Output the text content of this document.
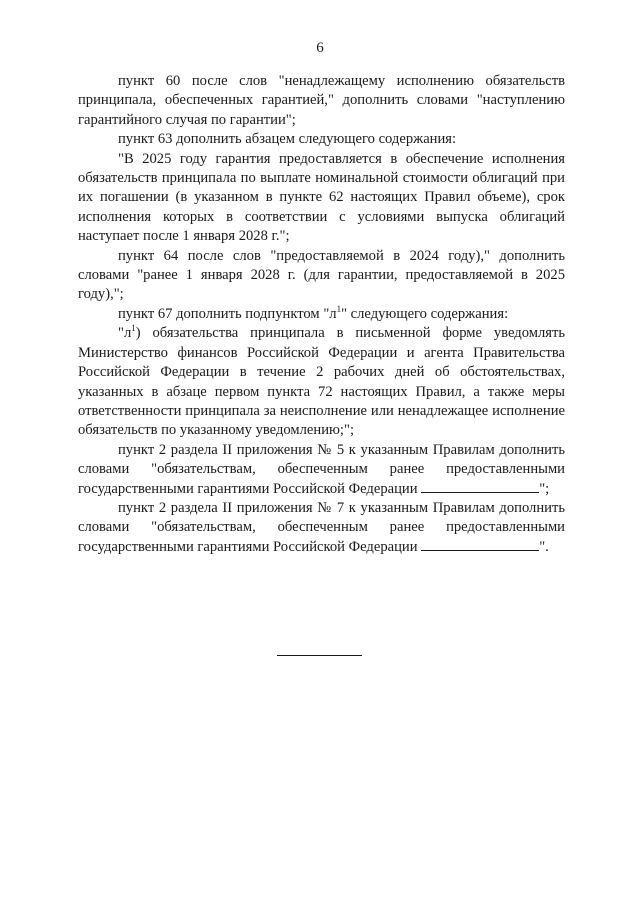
6

пункт 60 после слов "ненадлежащему исполнению обязательств принципала, обеспеченных гарантией," дополнить словами "наступлению гарантийного случая по гарантии";

пункт 63 дополнить абзацем следующего содержания:

"В 2025 году гарантия предоставляется в обеспечение исполнения обязательств принципала по выплате номинальной стоимости облигаций при их погашении (в указанном в пункте 62 настоящих Правил объеме), срок исполнения которых в соответствии с условиями выпуска облигаций наступает после 1 января 2028 г.";

пункт 64 после слов "предоставляемой в 2024 году)," дополнить словами "ранее 1 января 2028 г. (для гарантии, предоставляемой в 2025 году),";

пункт 67 дополнить подпунктом "$л^1$" следующего содержания:

"$л^1$) обязательства принципала в письменной форме уведомлять Министерство финансов Российской Федерации и агента Правительства Российской Федерации в течение 2 рабочих дней об обстоятельствах, указанных в абзаце первом пункта 72 настоящих Правил, а также меры ответственности принципала за неисполнение или ненадлежащее исполнение обязательств по указанному уведомлению;";

пункт 2 раздела II приложения № 5 к указанным Правилам дополнить словами "обязательствам, обеспеченным ранее предоставленными государственными гарантиями Российской Федерации	";

пункт 2 раздела II приложения № 7 к указанным Правилам дополнить словами "обязательствам, обеспеченным ранее предоставленными государственными гарантиями Российской Федерации	".
